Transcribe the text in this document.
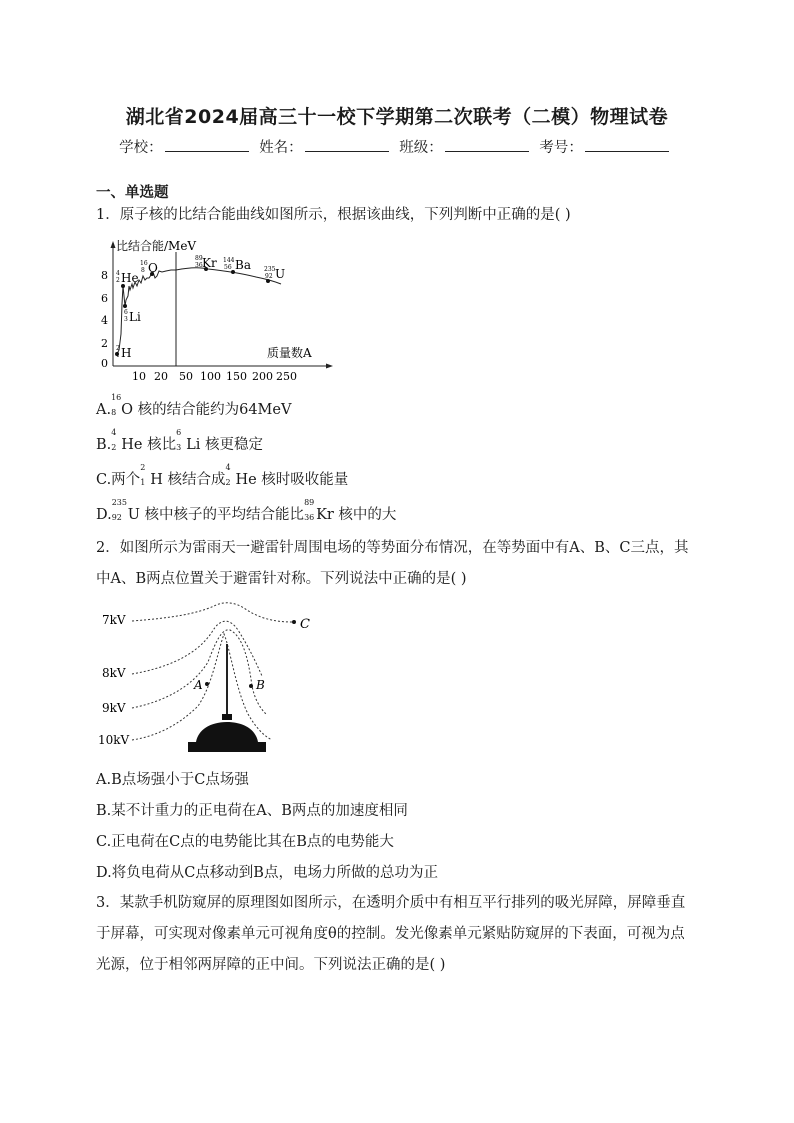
湖北省2024届高三十一校下学期第二次联考（二模）物理试卷
学校：	姓名：	班级：	考号：
一、单选题
1．原子核的比结合能曲线如图所示，根据该曲线，下列判断中正确的是( )
比结合能/MeV
质量数A
8
6
4
2
0
10 20 50 100 150 200 250
4
2 He
16
8 O
6
3 Li
2
1 H
89
36 Kr 144
56 Ba 235
92 U
A.
16
8 O 核的结合能约为64MeV
B.
4
2 He 核比
6
3 Li 核更稳定
C.两个
2
1 H 核结合成
4
2 He 核时吸收能量
D.
235
92 U 核中核子的平均结合能比
89
36 Kr 核中的大
2．如图所示为雷雨天一避雷针周围电场的等势面分布情况，在等势面中有A、B、C三点，其中A、B两点位置关于避雷针对称。下列说法中正确的是( )
7kV
8kV
9kV
10kV
A	B
C
A.B点场强小于C点场强
B.某不计重力的正电荷在A、B两点的加速度相同
C.正电荷在C点的电势能比其在B点的电势能大
D.将负电荷从C点移动到B点，电场力所做的总功为正
3．某款手机防窥屏的原理图如图所示，在透明介质中有相互平行排列的吸光屏障，屏障垂直于屏幕，可实现对像素单元可视角度θ的控制。发光像素单元紧贴防窥屏的下表面，可视为点光源，位于相邻两屏障的正中间。下列说法正确的是( )
